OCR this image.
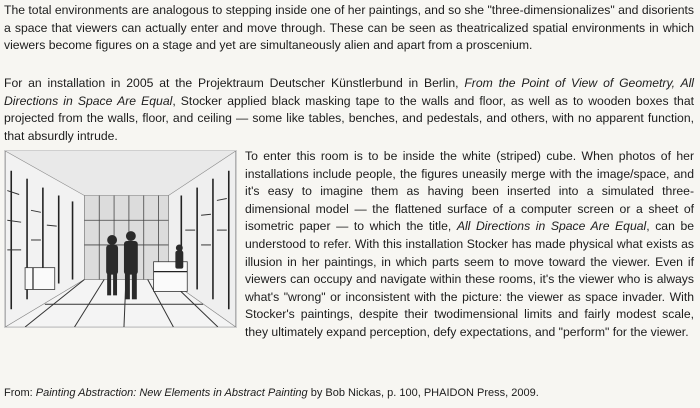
The total environments are analogous to stepping inside one of her paintings, and so she "three-dimensionalizes" and disorients a space that viewers can actually enter and move through. These can be seen as theatricalized spatial environments in which viewers become figures on a stage and yet are simultaneously alien and apart from a proscenium.

For an installation in 2005 at the Projektraum Deutscher Künstlerbund in Berlin, From the Point of View of Geometry, All Directions in Space Are Equal, Stocker applied black masking tape to the walls and floor, as well as to wooden boxes that projected from the walls, floor, and ceiling — some like tables, benches, and pedestals, and others, with no apparent function, that absurdly intrude.

To enter this room is to be inside the white (striped) cube. When photos of her installations include people, the figures uneasily merge with the image/space, and it's easy to imagine them as having been inserted into a simulated three-dimensional model — the flattened surface of a computer screen or a sheet of isometric paper — to which the title, All Directions in Space Are Equal, can be understood to refer. With this installation Stocker has made physical what exists as illusion in her paintings, in which parts seem to move toward the viewer. Even if viewers can occupy and navigate within these rooms, it's the viewer who is always what's "wrong" or inconsistent with the picture: the viewer as space invader. With Stocker's paintings, despite their twodimensional limits and fairly modest scale, they ultimately expand perception, defy expectations, and "perform" for the viewer.

From: Painting Abstraction: New Elements in Abstract Painting by Bob Nickas, p. 100, PHAIDON Press, 2009.
